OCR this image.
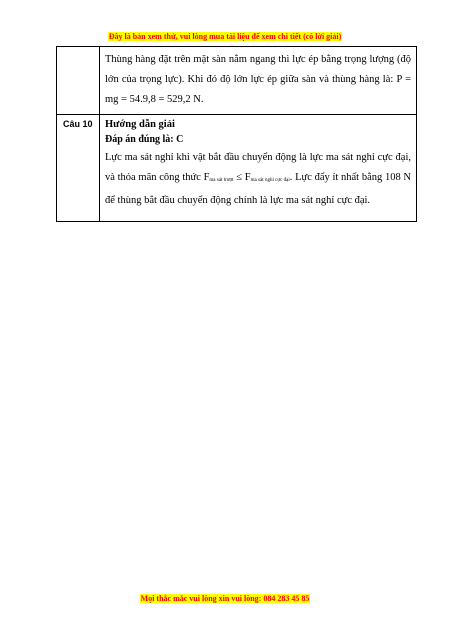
Đây là bản xem thử, vui lòng mua tài liệu để xem chi tiết (có lời giải)

	Thùng hàng đặt trên mặt sàn nằm ngang thì lực ép bằng trọng lượng (độ lớn của trọng lực). Khi đó độ lớn lực ép giữa sàn và thùng hàng là: P = mg = 54.9,8 = 529,2 N.

Câu 10	Hướng dẫn giải

Đáp án đúng là: C

Lực ma sát nghỉ khi vật bắt đầu chuyển động là lực ma sát nghỉ cực đại, và thỏa mãn công thức $F_{ma sát trượt} \le F_{ma sát nghỉ cực đại}$. Lực đẩy ít nhất bằng 108 N để thùng bắt đầu chuyển động chính là lực ma sát nghỉ cực đại.

Mọi thắc mắc vui lòng xin vui lòng: 084 283 45 85
